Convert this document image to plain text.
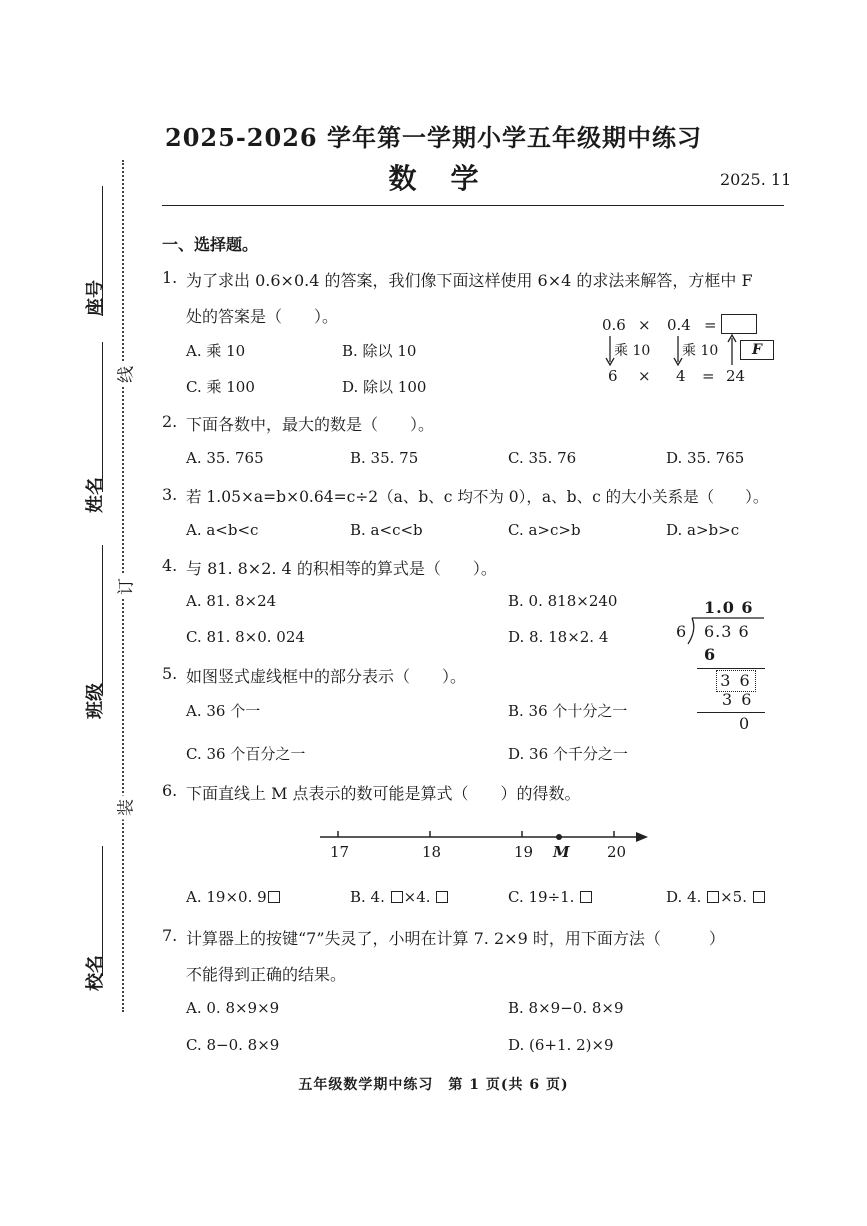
座号
姓名
班级
校名
线
订
装
2025-2026 学年第一学期小学五年级期中练习
数学	2025. 11
一、选择题。
1. 为了求出 0.6×0.4 的答案，我们像下面这样使用 6×4 的求法来解答，方框中 F
处的答案是（　　）。
A. 乘 10	B. 除以 10
C. 乘 100	D. 除以 100
0.6 × 0.4 =
乘 10 乘 10	F
6 × 4 = 24
2. 下面各数中，最大的数是（　　）。
A. 35. 765	B. 35. 75	C. 35. 76	D. 35. 765
3. 若 1.05×a=b×0.64=c÷2（a、b、c 均不为 0），a、b、c 的大小关系是（　　）。
A. a<b<c	B. a<c<b	C. a>c>b	D. a>b>c
4. 与 81. 8×2. 4 的积相等的算式是（　　）。
A. 81. 8×24	B. 0. 818×240
C. 81. 8×0. 024	D. 8. 18×2. 4
5. 如图竖式虚线框中的部分表示（　　）。
A. 36 个一	B. 36 个十分之一
C. 36 个百分之一	D. 36 个千分之一
1.0 6
6 6.3 6
6
3 6
3 6
0
6. 下面直线上 M 点表示的数可能是算式（　　）的得数。
17	18	19 M 20
A. 19×0. 9	B. 4. ×4.	C. 19÷1.	D. 4. ×5.
7. 计算器上的按键“7”失灵了，小明在计算 7. 2×9 时，用下面方法（　　　）
不能得到正确的结果。
A. 0. 8×9×9	B. 8×9−0. 8×9
C. 8−0. 8×9	D. (6+1. 2)×9
五年级数学期中练习　第 1 页(共 6 页)
